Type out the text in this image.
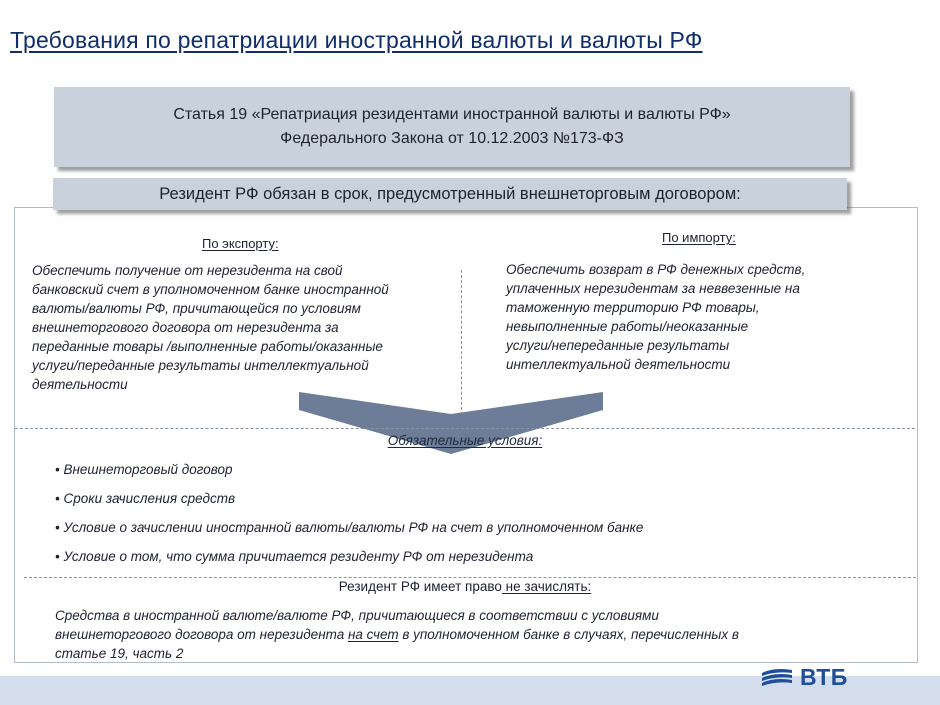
Требования по репатриации иностранной валюты и валюты РФ
Статья 19 «Репатриация резидентами иностранной валюты и валюты РФ»
Федерального Закона от 10.12.2003 №173-ФЗ
Резидент РФ обязан в срок, предусмотренный внешнеторговым договором:
По экспорту:
Обеспечить получение от нерезидента на свой
банковский счет в уполномоченном банке иностранной
валюты/валюты РФ, причитающейся по условиям
внешнеторгового договора от нерезидента за
переданные товары /выполненные работы/оказанные
услуги/переданные результаты интеллектуальной
деятельности
По импорту:
Обеспечить возврат в РФ денежных средств,
уплаченных нерезидентам за неввезенные на
таможенную территорию РФ товары,
невыполненные работы/неоказанные
услуги/непереданные результаты
интеллектуальной деятельности
Обязательные условия:
• Внешнеторговый договор
• Сроки зачисления средств
• Условие о зачислении иностранной валюты/валюты РФ на счет в уполномоченном банке
• Условие о том, что сумма причитается резиденту РФ от нерезидента
Резидент РФ имеет право не зачислять:
Средства в иностранной валюте/валюте РФ, причитающиеся в соответствии с условиями
внешнеторгового договора от нерезидента на счет в уполномоченном банке в случаях, перечисленных в
статье 19, часть 2
ВТБ
